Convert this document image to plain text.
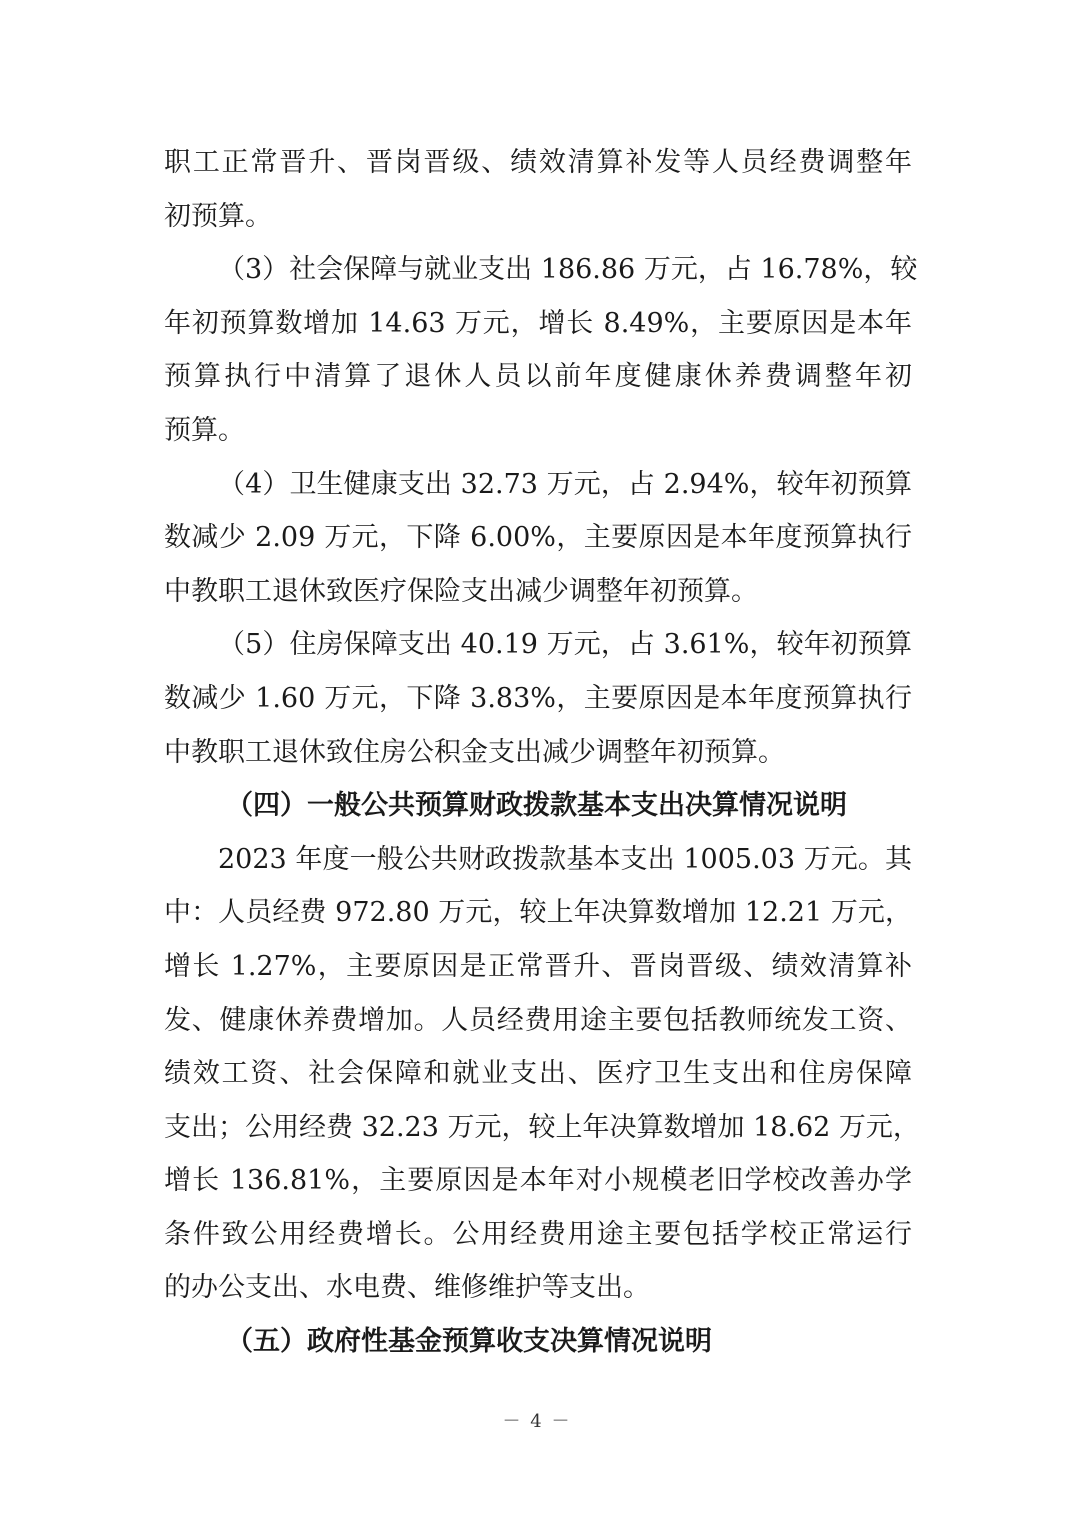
职工正常晋升、晋岗晋级、绩效清算补发等人员经费调整年
初预算。
（3）社会保障与就业支出 186.86 万元，占 16.78%，较
年初预算数增加 14.63 万元，增长 8.49%，主要原因是本年
预算执行中清算了退休人员以前年度健康休养费调整年初
预算。
（4）卫生健康支出 32.73 万元，占 2.94%，较年初预算
数减少 2.09 万元，下降 6.00%，主要原因是本年度预算执行
中教职工退休致医疗保险支出减少调整年初预算。
（5）住房保障支出 40.19 万元，占 3.61%，较年初预算
数减少 1.60 万元，下降 3.83%，主要原因是本年度预算执行
中教职工退休致住房公积金支出减少调整年初预算。
（四）一般公共预算财政拨款基本支出决算情况说明
2023 年度一般公共财政拨款基本支出 1005.03 万元。其
中：人员经费 972.80 万元，较上年决算数增加 12.21 万元，
增长 1.27%，主要原因是正常晋升、晋岗晋级、绩效清算补
发、健康休养费增加。人员经费用途主要包括教师统发工资、
绩效工资、社会保障和就业支出、医疗卫生支出和住房保障
支出；公用经费 32.23 万元，较上年决算数增加 18.62 万元，
增长 136.81%，主要原因是本年对小规模老旧学校改善办学
条件致公用经费增长。公用经费用途主要包括学校正常运行
的办公支出、水电费、维修维护等支出。
（五）政府性基金预算收支决算情况说明
－ 4 －
